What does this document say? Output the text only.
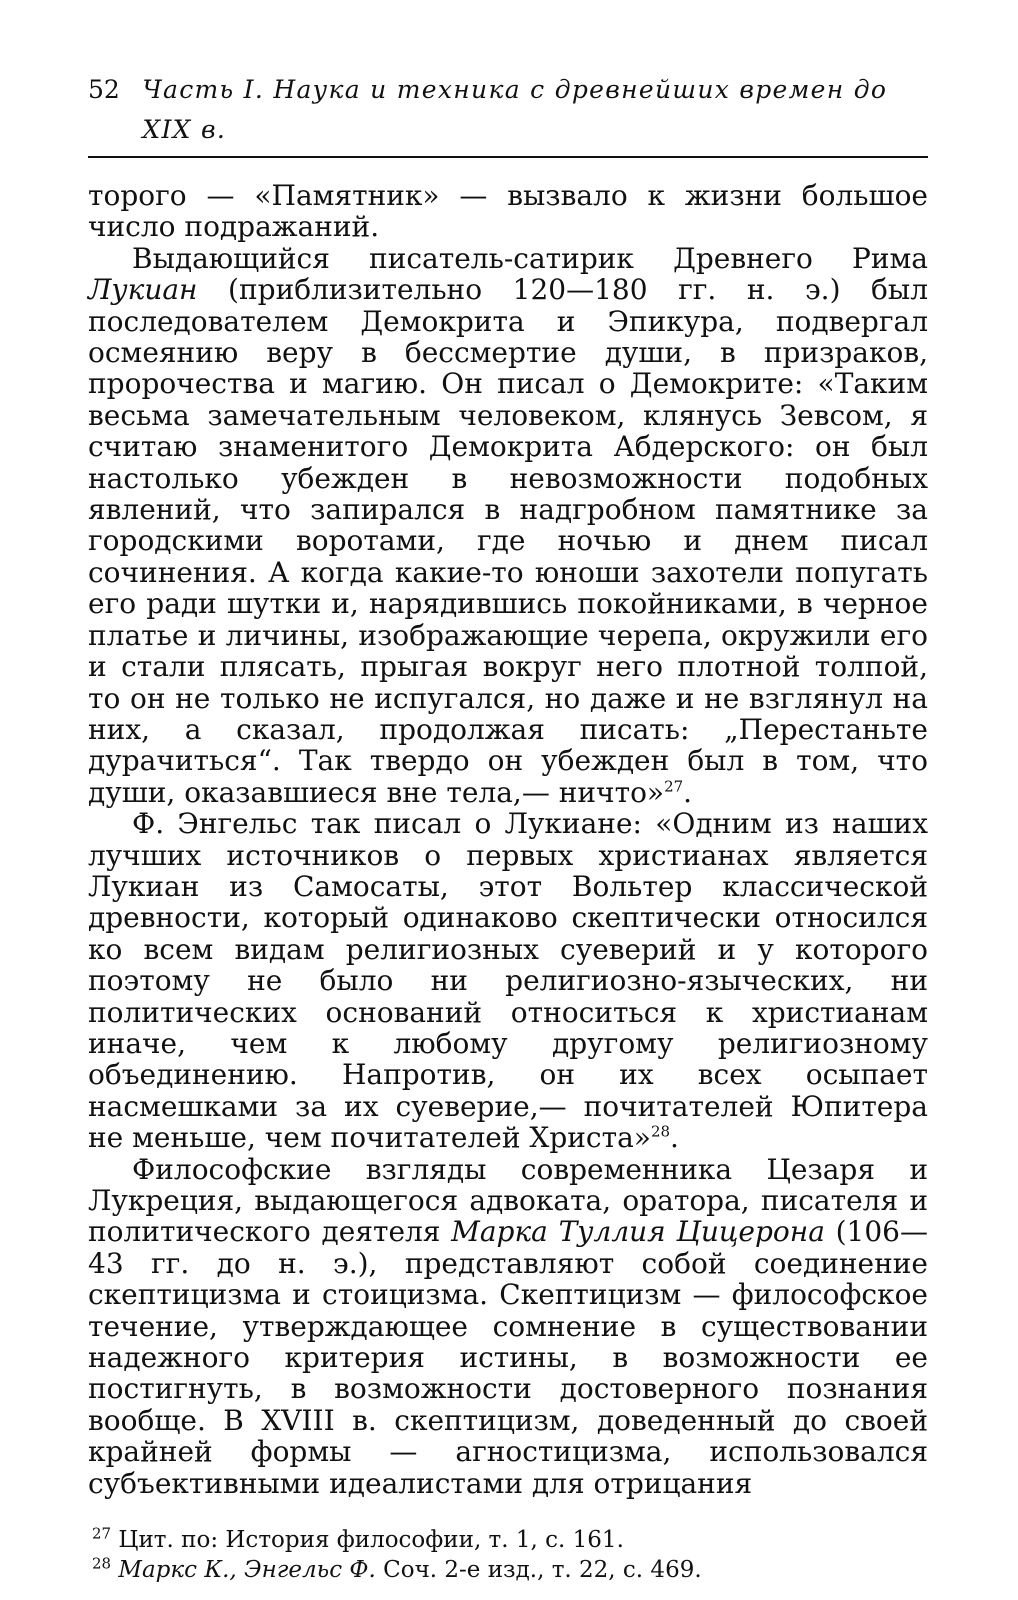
52 Часть I. Наука и техника с древнейших времен до XIX в.

торого — «Памятник» — вызвало к жизни большое число подражаний.

Выдающийся писатель-сатирик Древнего Рима Лукиан (приблизительно 120—180 гг. н. э.) был последователем Демокрита и Эпикура, подвергал осмеянию веру в бессмертие души, в призраков, пророчества и магию. Он писал о Демокрите: «Таким весьма замечательным человеком, клянусь Зевсом, я считаю знаменитого Демокрита Абдерского: он был настолько убежден в невозможности подобных явлений, что запирался в надгробном памятнике за городскими воротами, где ночью и днем писал сочинения. А когда какие-то юноши захотели попугать его ради шутки и, нарядившись покойниками, в черное платье и личины, изображающие черепа, окружили его и стали плясать, прыгая вокруг него плотной толпой, то он не только не испугался, но даже и не взглянул на них, а сказал, продолжая писать: „Перестаньте дурачиться“. Так твердо он убежден был в том, что души, оказавшиеся вне тела,— ничто»$^{27}$.

Ф. Энгельс так писал о Лукиане: «Одним из наших лучших источников о первых христианах является Лукиан из Самосаты, этот Вольтер классической древности, который одинаково скептически относился ко всем видам религиозных суеверий и у которого поэтому не было ни религиозно-языческих, ни политических оснований относиться к христианам иначе, чем к любому другому религиозному объединению. Напротив, он их всех осыпает насмешками за их суеверие,— почитателей Юпитера не меньше, чем почитателей Христа»$^{28}$.

Философские взгляды современника Цезаря и Лукреция, выдающегося адвоката, оратора, писателя и политического деятеля Марка Туллия Цицерона (106—43 гг. до н. э.), представляют собой соединение скептицизма и стоицизма. Скептицизм — философское течение, утверждающее сомнение в существовании надежного критерия истины, в возможности ее постигнуть, в возможности достоверного познания вообще. В XVIII в. скептицизм, доведенный до своей крайней формы — агностицизма, использовался субъективными идеалистами для отрицания

$^{27}$ Цит. по: История философии, т. 1, с. 161.

$^{28}$ Маркс К., Энгельс Ф. Соч. 2-е изд., т. 22, с. 469.
